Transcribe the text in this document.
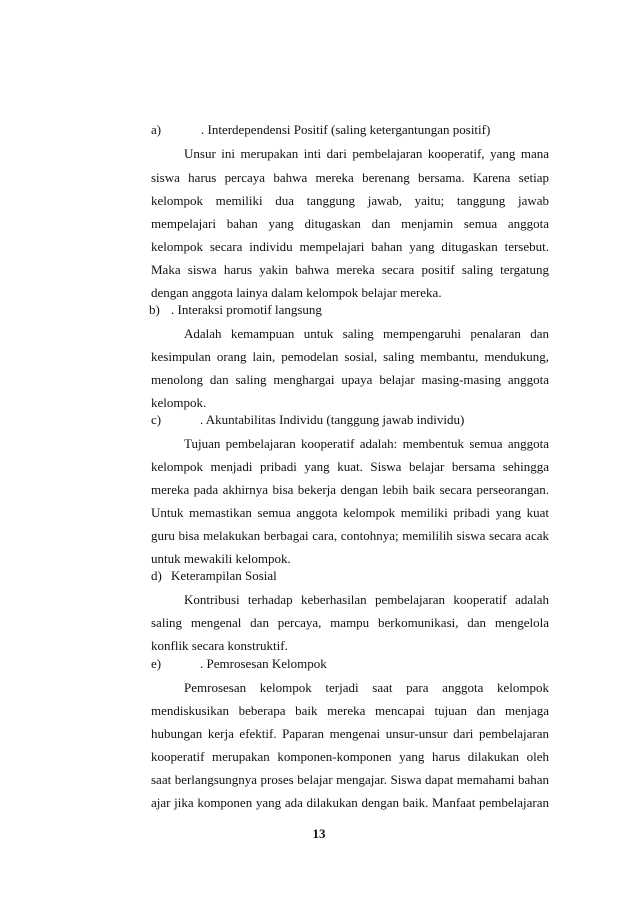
a)	. Interdependensi Positif (saling ketergantungan positif)
Unsur ini merupakan inti dari pembelajaran kooperatif, yang mana
siswa harus percaya bahwa mereka berenang bersama. Karena setiap
kelompok memiliki dua tanggung jawab, yaitu; tanggung jawab
mempelajari bahan yang ditugaskan dan menjamin semua anggota
kelompok secara individu mempelajari bahan yang ditugaskan tersebut.
Maka siswa harus yakin bahwa mereka secara positif saling tergatung
dengan anggota lainya dalam kelompok belajar mereka.
b) . Interaksi promotif langsung
Adalah kemampuan untuk saling mempengaruhi penalaran dan
kesimpulan orang lain, pemodelan sosial, saling membantu, mendukung,
menolong dan saling menghargai upaya belajar masing-masing anggota
kelompok.
c)	. Akuntabilitas Individu (tanggung jawab individu)
Tujuan pembelajaran kooperatif adalah: membentuk semua anggota
kelompok menjadi pribadi yang kuat. Siswa belajar bersama sehingga
mereka pada akhirnya bisa bekerja dengan lebih baik secara perseorangan.
Untuk memastikan semua anggota kelompok memiliki pribadi yang kuat
guru bisa melakukan berbagai cara, contohnya; memililih siswa secara acak
untuk mewakili kelompok.
d) Keterampilan Sosial
Kontribusi terhadap keberhasilan pembelajaran kooperatif adalah
saling mengenal dan percaya, mampu berkomunikasi, dan mengelola
konflik secara konstruktif.
e)	. Pemrosesan Kelompok
Pemrosesan kelompok terjadi saat para anggota kelompok
mendiskusikan beberapa baik mereka mencapai tujuan dan menjaga
hubungan kerja efektif. Paparan mengenai unsur-unsur dari pembelajaran
kooperatif merupakan komponen-komponen yang harus dilakukan oleh
saat berlangsungnya proses belajar mengajar. Siswa dapat memahami bahan
ajar jika komponen yang ada dilakukan dengan baik. Manfaat pembelajaran
13
